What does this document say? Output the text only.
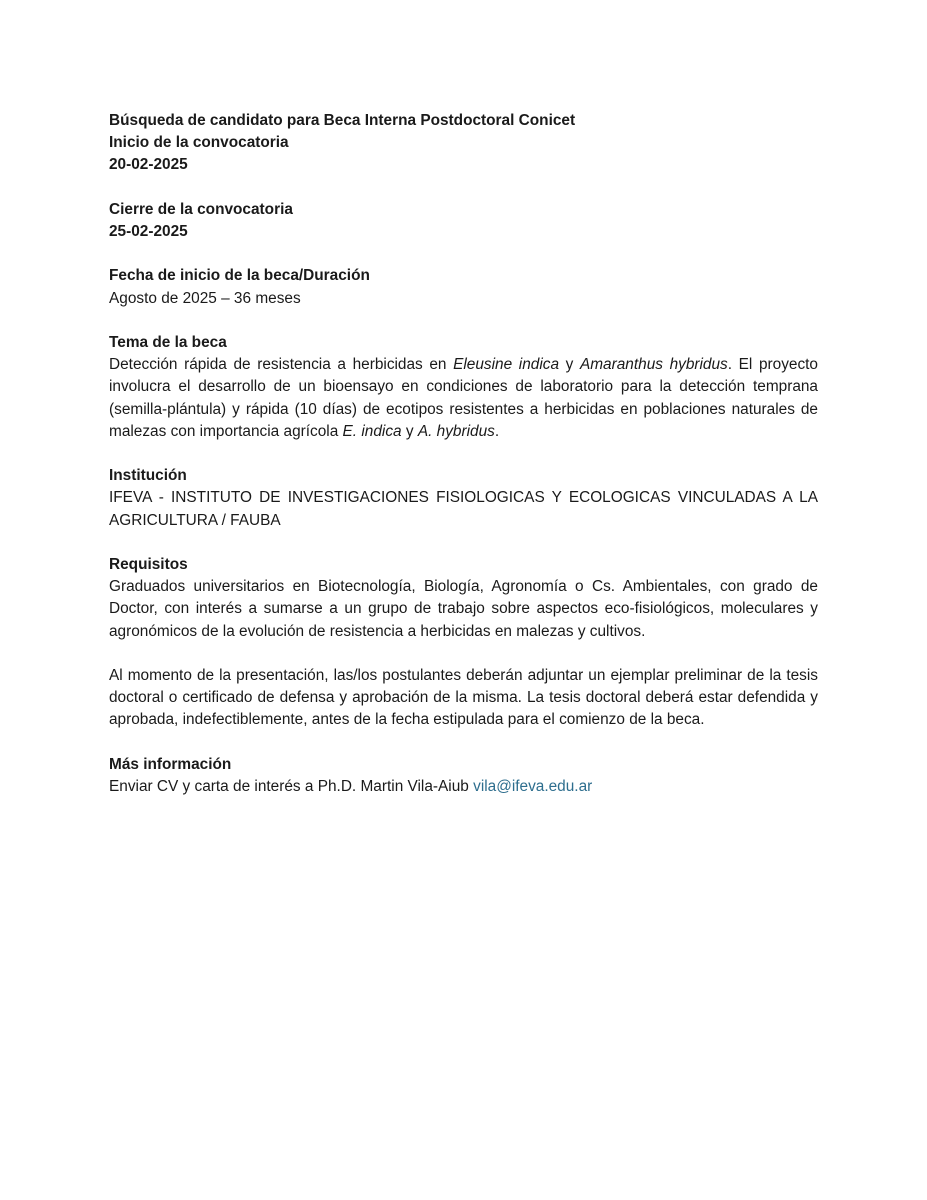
Búsqueda de candidato para Beca Interna Postdoctoral Conicet
Inicio de la convocatoria
20-02-2025
Cierre de la convocatoria
25-02-2025
Fecha de inicio de la beca/Duración
Agosto de 2025 – 36 meses
Tema de la beca
Detección rápida de resistencia a herbicidas en Eleusine indica y Amaranthus hybridus. El proyecto involucra el desarrollo de un bioensayo en condiciones de laboratorio para la detección temprana (semilla-plántula) y rápida (10 días) de ecotipos resistentes a herbicidas en poblaciones naturales de malezas con importancia agrícola E. indica y A. hybridus.
Institución
IFEVA - INSTITUTO DE INVESTIGACIONES FISIOLOGICAS Y ECOLOGICAS VINCULADAS A LA AGRICULTURA / FAUBA
Requisitos
Graduados universitarios en Biotecnología, Biología, Agronomía o Cs. Ambientales, con grado de Doctor, con interés a sumarse a un grupo de trabajo sobre aspectos eco-fisiológicos, moleculares y agronómicos de la evolución de resistencia a herbicidas en malezas y cultivos.
Al momento de la presentación, las/los postulantes deberán adjuntar un ejemplar preliminar de la tesis doctoral o certificado de defensa y aprobación de la misma. La tesis doctoral deberá estar defendida y aprobada, indefectiblemente, antes de la fecha estipulada para el comienzo de la beca.
Más información
Enviar CV y carta de interés a Ph.D. Martin Vila-Aiub vila@ifeva.edu.ar
